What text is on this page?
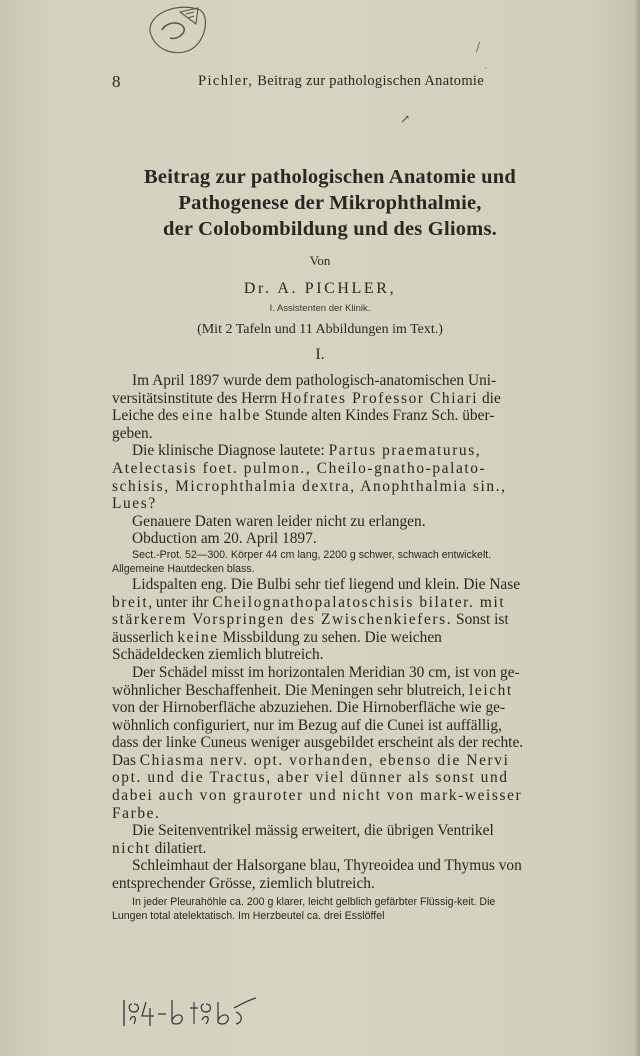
/
ˏ
8	Pichler, Beitrag zur pathologischen Anatomie
↗
Beitrag zur pathologischen Anatomie und
Pathogenese der Mikrophthalmie,
der Colobombildung und des Glioms.
Von
Dr. A. PICHLER,
I. Assistenten der Klinik.
(Mit 2 Tafeln und 11 Abbildungen im Text.)
I.

Im April 1897 wurde dem pathologisch-anatomischen Uni-versitätsinstitute des Herrn Hofrates Professor Chiari die Leiche des eine halbe Stunde alten Kindes Franz Sch. über-geben.

Die klinische Diagnose lautete: Partus praematurus, Atelectasis foet. pulmon., Cheilo-gnatho-palato-schisis, Microphthalmia dextra, Anophthalmia sin., Lues?

Genauere Daten waren leider nicht zu erlangen.

Obduction am 20. April 1897.

Sect.-Prot. 52—300. Körper 44 cm lang, 2200 g schwer, schwach entwickelt. Allgemeine Hautdecken blass.

Lidspalten eng. Die Bulbi sehr tief liegend und klein. Die Nase breit, unter ihr Cheilognathopalatoschisis bilater. mit stärkerem Vorspringen des Zwischenkiefers. Sonst ist äusserlich keine Missbildung zu sehen. Die weichen Schädeldecken ziemlich blutreich.

Der Schädel misst im horizontalen Meridian 30 cm, ist von ge-wöhnlicher Beschaffenheit. Die Meningen sehr blutreich, leicht von der Hirnoberfläche abzuziehen. Die Hirnoberfläche wie ge-wöhnlich configuriert, nur im Bezug auf die Cunei ist auffällig, dass der linke Cuneus weniger ausgebildet erscheint als der rechte. Das Chiasma nerv. opt. vorhanden, ebenso die Nervi opt. und die Tractus, aber viel dünner als sonst und dabei auch von grauroter und nicht von mark-weisser Farbe.

Die Seitenventrikel mässig erweitert, die übrigen Ventrikel nicht dilatiert.

Schleimhaut der Halsorgane blau, Thyreoidea und Thymus von entsprechender Grösse, ziemlich blutreich.

In jeder Pleurahöhle ca. 200 g klarer, leicht gelblich gefärbter Flüssig-keit. Die Lungen total atelektatisch. Im Herzbeutel ca. drei Esslöffel
